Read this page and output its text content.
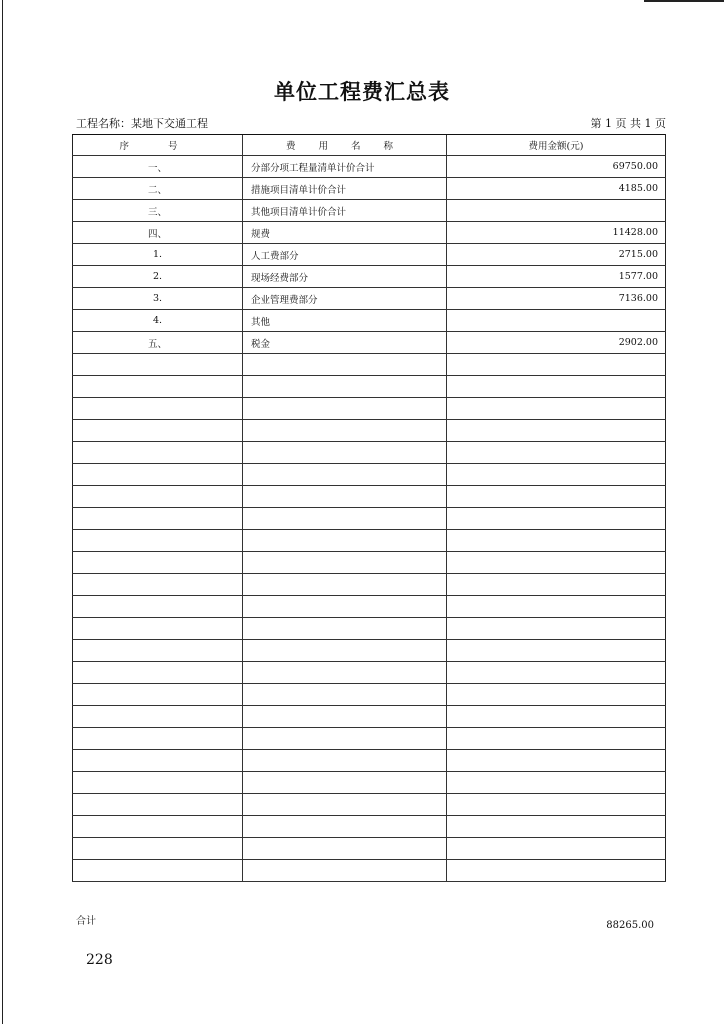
单位工程费汇总表
工程名称：某地下交通工程	第 1 页 共 1 页
序 号	费 用 名 称	费用金额(元)
一、	分部分项工程量清单计价合计	69750.00
二、	措施项目清单计价合计	4185.00
三、	其他项目清单计价合计	
四、	规费	11428.00
1.	人工费部分	2715.00
2.	现场经费部分	1577.00
3.	企业管理费部分	7136.00
4.	其他	
五、	税金	2902.00

合计	88265.00
228
